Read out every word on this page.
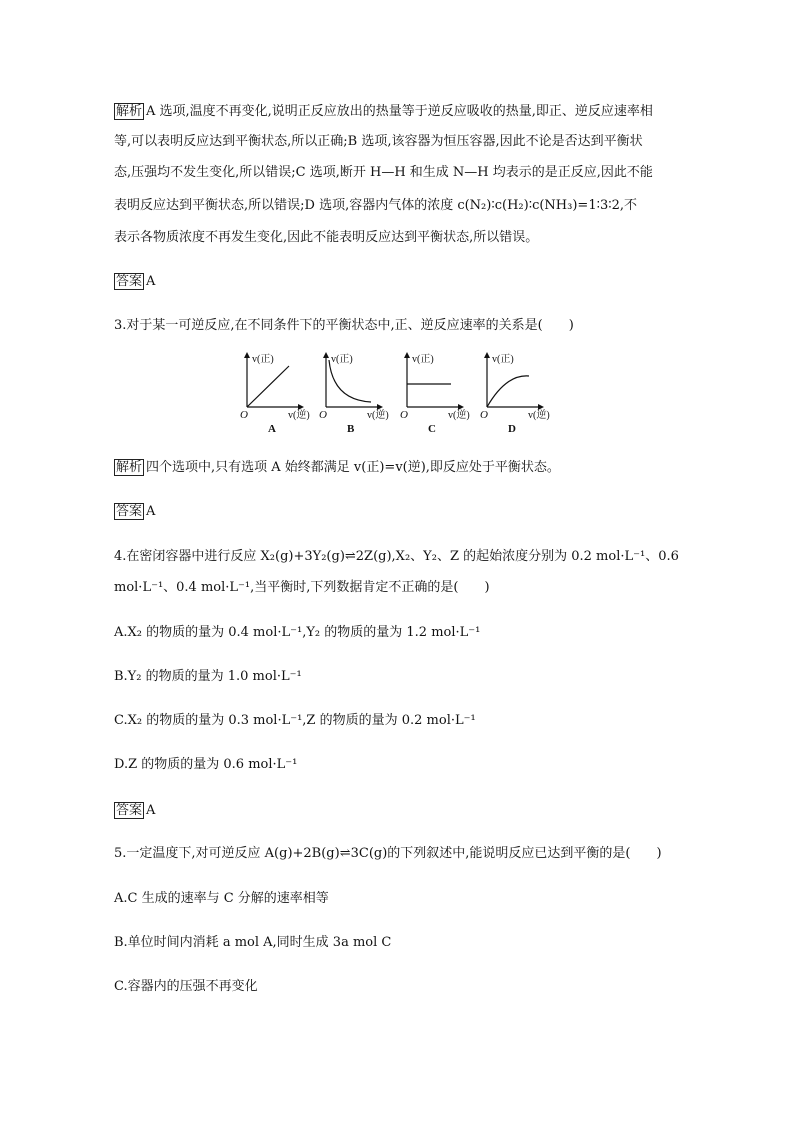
解析 A 选项,温度不再变化,说明正反应放出的热量等于逆反应吸收的热量,即正、逆反应速率相
等,可以表明反应达到平衡状态,所以正确;B 选项,该容器为恒压容器,因此不论是否达到平衡状
态,压强均不发生变化,所以错误;C 选项,断开 H—H 和生成 N—H 均表示的是正反应,因此不能
表明反应达到平衡状态,所以错误;D 选项,容器内气体的浓度 c(N₂)∶c(H₂)∶c(NH₃)=1∶3∶2,不
表示各物质浓度不再发生变化,因此不能表明反应达到平衡状态,所以错误。
答案 A
3.对于某一可逆反应,在不同条件下的平衡状态中,正、逆反应速率的关系是(　　)
v(正)
O	v(逆)
A
v(正)
O	v(逆)
B
v(正)
O	v(逆)
C
v(正)
O	v(逆)
D
解析 四个选项中,只有选项 A 始终都满足 v(正)=v(逆),即反应处于平衡状态。
答案 A
4.在密闭容器中进行反应 X₂(g)+3Y₂(g)⇌2Z(g),X₂、Y₂、Z 的起始浓度分别为 0.2 mol·L⁻¹、0.6
mol·L⁻¹、0.4 mol·L⁻¹,当平衡时,下列数据肯定不正确的是(　　)
A.X₂ 的物质的量为 0.4 mol·L⁻¹,Y₂ 的物质的量为 1.2 mol·L⁻¹
B.Y₂ 的物质的量为 1.0 mol·L⁻¹
C.X₂ 的物质的量为 0.3 mol·L⁻¹,Z 的物质的量为 0.2 mol·L⁻¹
D.Z 的物质的量为 0.6 mol·L⁻¹
答案 A
5.一定温度下,对可逆反应 A(g)+2B(g)⇌3C(g)的下列叙述中,能说明反应已达到平衡的是(　　)
A.C 生成的速率与 C 分解的速率相等
B.单位时间内消耗 a mol A,同时生成 3a mol C
C.容器内的压强不再变化
